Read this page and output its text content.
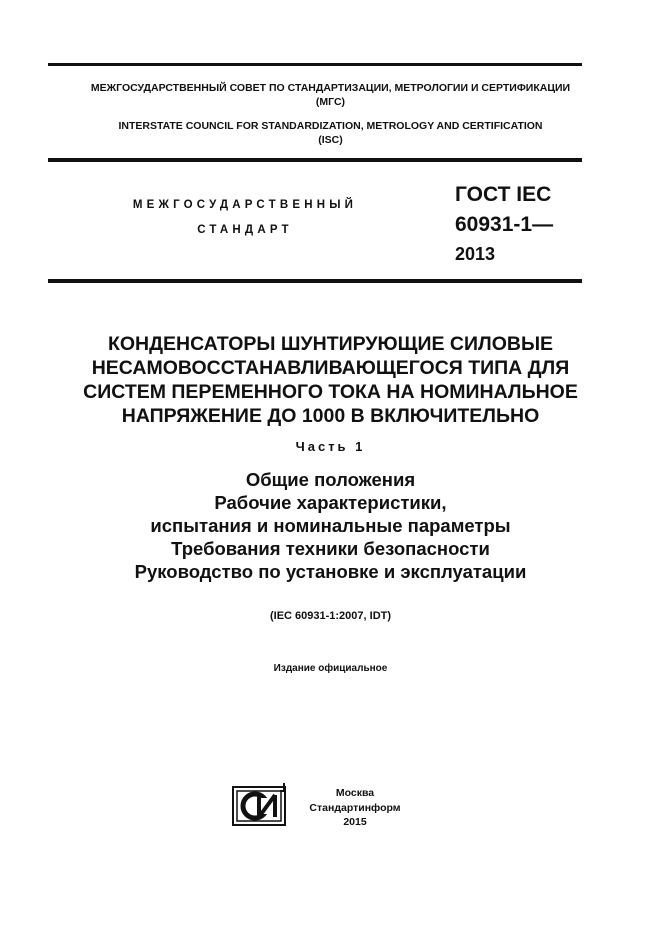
МЕЖГОСУДАРСТВЕННЫЙ СОВЕТ ПО СТАНДАРТИЗАЦИИ, МЕТРОЛОГИИ И СЕРТИФИКАЦИИ
(МГС)
INTERSTATE COUNCIL FOR STANDARDIZATION, METROLOGY AND CERTIFICATION
(ISC)
МЕЖГОСУДАРСТВЕННЫЙ
СТАНДАРТ
ГОСТ IEC
60931-1—
2013
КОНДЕНСАТОРЫ ШУНТИРУЮЩИЕ СИЛОВЫЕ
НЕСАМОВОССТАНАВЛИВАЮЩЕГОСЯ ТИПА ДЛЯ
СИСТЕМ ПЕРЕМЕННОГО ТОКА НА НОМИНАЛЬНОЕ
НАПРЯЖЕНИЕ ДО 1000 В ВКЛЮЧИТЕЛЬНО
Часть 1
Общие положения
Рабочие характеристики,
испытания и номинальные параметры
Требования техники безопасности
Руководство по установке и эксплуатации
(IEC 60931-1:2007, IDT)
Издание официальное
Москва
Стандартинформ
2015
